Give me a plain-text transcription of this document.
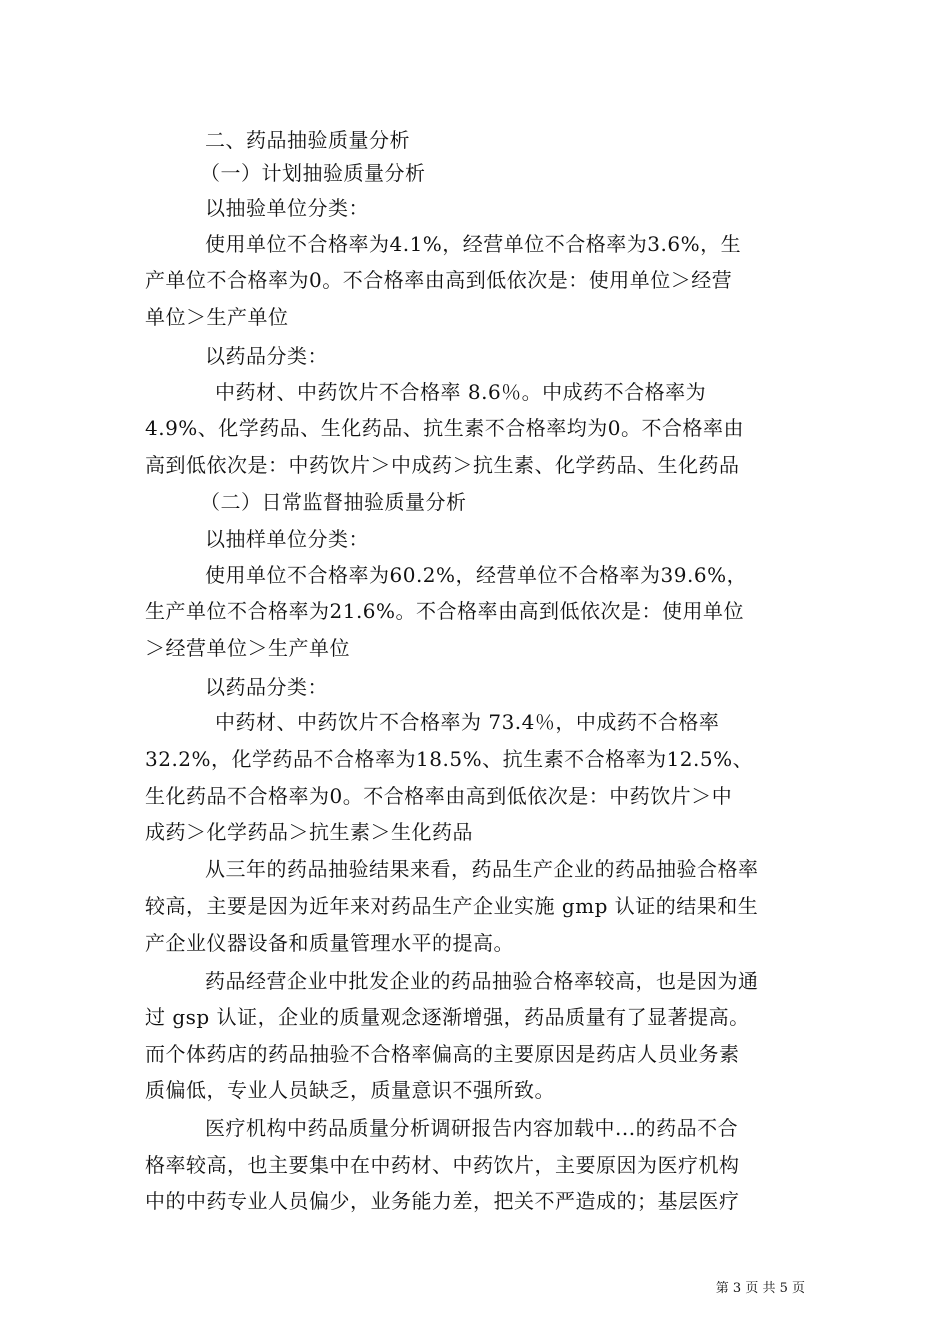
二、药品抽验质量分析
（一）计划抽验质量分析
以抽验单位分类：
使用单位不合格率为4.1%，经营单位不合格率为3.6%，生
产单位不合格率为0。不合格率由高到低依次是：使用单位＞经营
单位＞生产单位
以药品分类：
中药材、中药饮片不合格率 8.6％。中成药不合格率为
4.9%、化学药品、生化药品、抗生素不合格率均为0。不合格率由
高到低依次是：中药饮片＞中成药＞抗生素、化学药品、生化药品
（二）日常监督抽验质量分析
以抽样单位分类：
使用单位不合格率为60.2%，经营单位不合格率为39.6%，
生产单位不合格率为21.6%。不合格率由高到低依次是：使用单位
＞经营单位＞生产单位
以药品分类：
中药材、中药饮片不合格率为 73.4％，中成药不合格率
32.2%，化学药品不合格率为18.5%、抗生素不合格率为12.5%、
生化药品不合格率为0。不合格率由高到低依次是：中药饮片＞中
成药＞化学药品＞抗生素＞生化药品
从三年的药品抽验结果来看，药品生产企业的药品抽验合格率
较高，主要是因为近年来对药品生产企业实施 gmp 认证的结果和生
产企业仪器设备和质量管理水平的提高。
药品经营企业中批发企业的药品抽验合格率较高，也是因为通
过 gsp 认证，企业的质量观念逐渐增强，药品质量有了显著提高。
而个体药店的药品抽验不合格率偏高的主要原因是药店人员业务素
质偏低，专业人员缺乏，质量意识不强所致。
医疗机构中药品质量分析调研报告内容加载中...的药品不合
格率较高，也主要集中在中药材、中药饮片，主要原因为医疗机构
中的中药专业人员偏少，业务能力差，把关不严造成的；基层医疗
第 3 页 共 5 页
